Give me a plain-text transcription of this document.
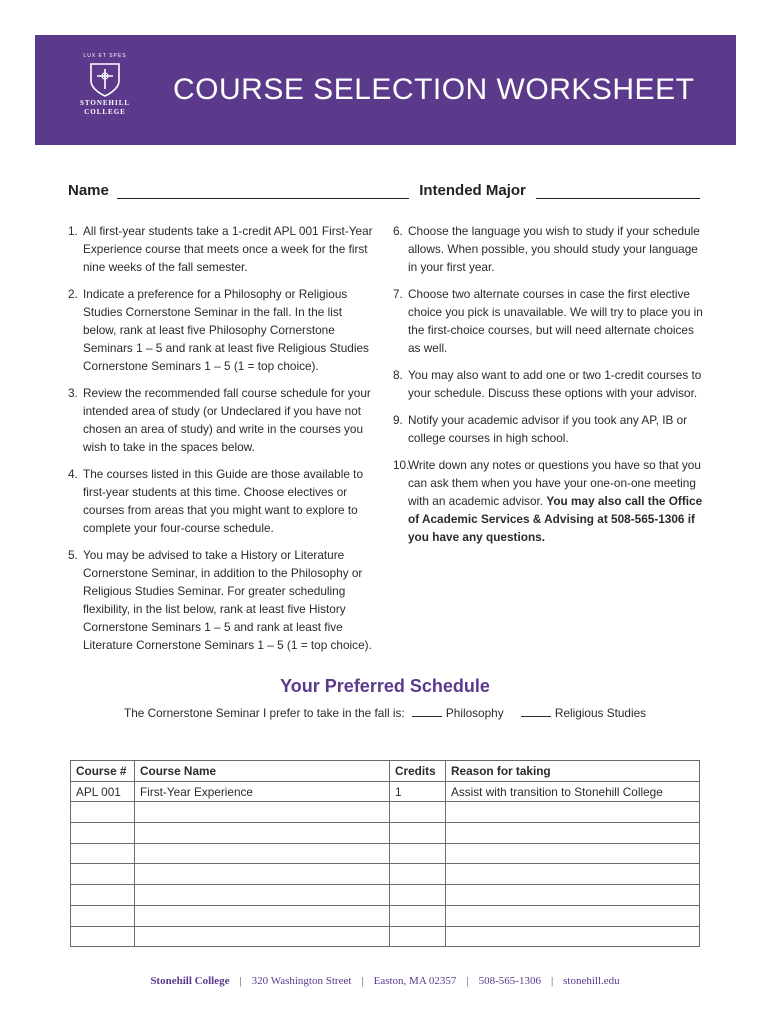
LUX ET SPES
STONEHILL
COLLEGE
COURSE SELECTION WORKSHEET
Name	Intended Major
1. All first-year students take a 1-credit APL 001 First-Year Experience course that meets once a week for the first nine weeks of the fall semester.
2. Indicate a preference for a Philosophy or Religious Studies Cornerstone Seminar in the fall. In the list below, rank at least five Philosophy Cornerstone Seminars 1 – 5 and rank at least five Religious Studies Cornerstone Seminars 1 – 5 (1 = top choice).
3. Review the recommended fall course schedule for your intended area of study (or Undeclared if you have not chosen an area of study) and write in the courses you wish to take in the spaces below.
4. The courses listed in this Guide are those available to first-year students at this time. Choose electives or courses from areas that you might want to explore to complete your four-course schedule.
5. You may be advised to take a History or Literature Cornerstone Seminar, in addition to the Philosophy or Religious Studies Seminar. For greater scheduling flexibility, in the list below, rank at least five History Cornerstone Seminars 1 – 5 and rank at least five Literature Cornerstone Seminars 1 – 5 (1 = top choice).
6. Choose the language you wish to study if your schedule allows. When possible, you should study your language in your first year.
7. Choose two alternate courses in case the first elective choice you pick is unavailable. We will try to place you in the first-choice courses, but will need alternate choices as well.
8. You may also want to add one or two 1-credit courses to your schedule. Discuss these options with your advisor.
9. Notify your academic advisor if you took any AP, IB or college courses in high school.
10.
Write down any notes or questions you have so that you can ask them when you have your one-on-one meeting with an academic advisor. You may also call the Office of Academic Services & Advising at 508-565-1306 if you have any questions.
Your Preferred Schedule
The Cornerstone Seminar I prefer to take in the fall is:	Philosophy	Religious Studies
Course #	Course Name	Credits	Reason for taking
APL 001	First-Year Experience	1	Assist with transition to Stonehill College

Stonehill College | 320 Washington Street | Easton, MA 02357 | 508-565-1306 | stonehill.edu
